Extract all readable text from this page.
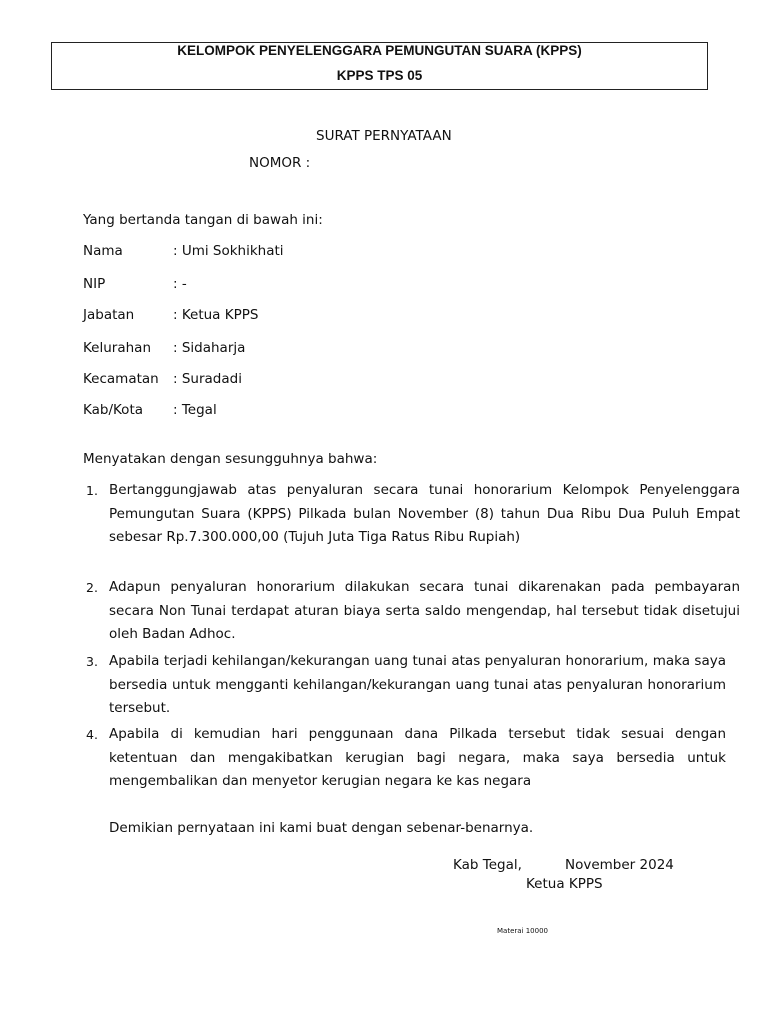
KELOMPOK PENYELENGGARA PEMUNGUTAN SUARA (KPPS)
KPPS TPS 05
SURAT PERNYATAAN
NOMOR :
Yang bertanda tangan di bawah ini:
Nama	: Umi Sokhikhati
NIP	: -
Jabatan	: Ketua KPPS
Kelurahan : Sidaharja
Kecamatan : Suradadi
Kab/Kota : Tegal
Menyatakan dengan sesungguhnya bahwa:
1. Bertanggungjawab atas penyaluran secara tunai honorarium Kelompok Penyelenggara Pemungutan Suara (KPPS) Pilkada bulan November (8) tahun Dua Ribu Dua Puluh Empat sebesar Rp.7.300.000,00 (Tujuh Juta Tiga Ratus Ribu Rupiah)
2. Adapun penyaluran honorarium dilakukan secara tunai dikarenakan pada pembayaran secara Non Tunai terdapat aturan biaya serta saldo mengendap, hal tersebut tidak disetujui oleh Badan Adhoc.
3. Apabila terjadi kehilangan/kekurangan uang tunai atas penyaluran honorarium, maka saya bersedia untuk mengganti kehilangan/kekurangan uang tunai atas penyaluran honorarium tersebut.
4. Apabila di kemudian hari penggunaan dana Pilkada tersebut tidak sesuai dengan ketentuan dan mengakibatkan kerugian bagi negara, maka saya bersedia untuk mengembalikan dan menyetor kerugian negara ke kas negara
Demikian pernyataan ini kami buat dengan sebenar-benarnya.
Kab Tegal,	November 2024
Ketua KPPS
Materai 10000
